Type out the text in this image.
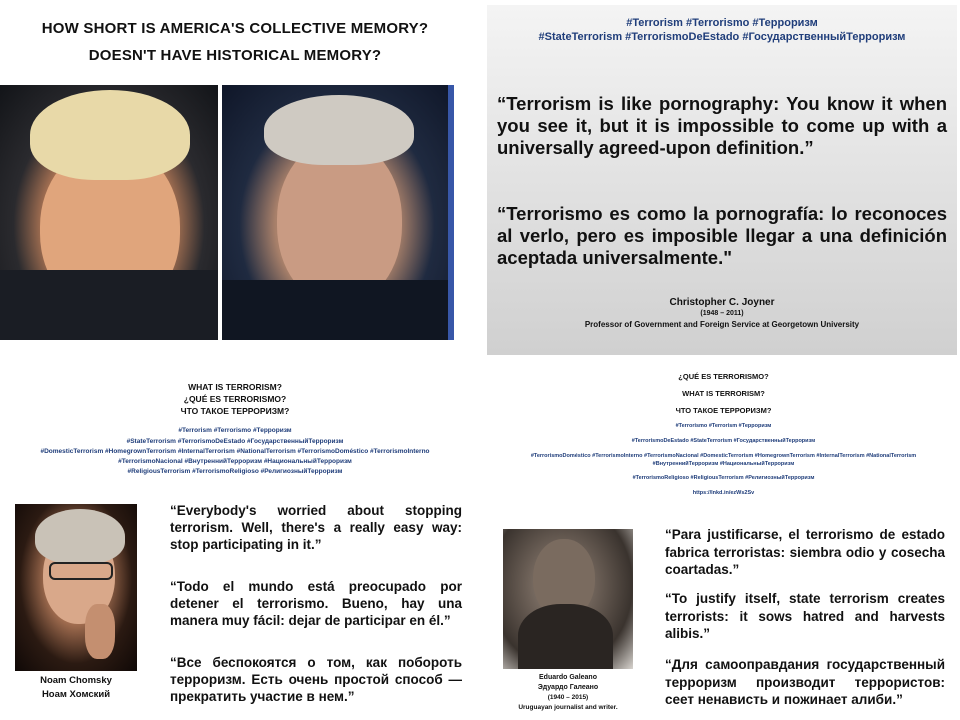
HOW SHORT IS AMERICA'S COLLECTIVE MEMORY?
DOESN'T HAVE HISTORICAL MEMORY?
#Terrorism #Terrorismo #Терроризм
#StateTerrorism #TerrorismoDeEstado #ГосударственныйТерроризм
“Terrorism is like pornography: You know it when you see it, but it is impossible to come up with a universally agreed-upon definition.”
“Terrorismo es como la pornografía: lo reconoces al verlo, pero es imposible llegar a una definición aceptada universalmente."
Christopher C. Joyner
(1948 – 2011)
Professor of Government and Foreign Service at Georgetown University
WHAT IS TERRORISM?
¿QUÉ ES TERRORISMO?
ЧТО ТАКОЕ ТЕРРОРИЗМ?
#Terrorism #Terrorismo #Терроризм
#StateTerrorism #TerrorismoDeEstado #ГосударственныйТерроризм
#DomesticTerrorism #HomegrownTerrorism #InternalTerrorism #NationalTerrorism #TerrorismoDoméstico #TerrorismoInterno
#TerrorismoNacional #ВнутреннийТерроризм #НациональныйТерроризм
#ReligiousTerrorism #TerrorismoReligioso #РелигиозныйТерроризм
Noam Chomsky
Ноам Хомский
“Everybody's worried about stopping terrorism. Well, there's a really easy way: stop participating in it.”
“Todo el mundo está preocupado por detener el terrorismo. Bueno, hay una manera muy fácil: dejar de participar en él.”
“Все беспокоятся о том, как побороть терроризм. Есть очень простой способ — прекратить участие в нем.”
¿QUÉ ES TERRORISMO?
WHAT IS TERRORISM?
ЧТО ТАКОЕ ТЕРРОРИЗМ?
#Terrorismo #Terrorism #Терроризм
#TerrorismoDeEstado #StateTerrorism #ГосударственныйТерроризм
#TerrorismoDoméstico #TerrorismoInterno #TerrorismoNacional #DomesticTerrorism #HomegrownTerrorism #InternalTerrorism #NationalTerrorism
#ВнутреннийТерроризм #НациональныйТерроризм
#TerrorismoReligioso #ReligiousTerrorism #РелигиозныйТерроризм
https://lnkd.in/ezWs2Sv
Eduardo Galeano
Эдуардо Галеано
(1940 – 2015)
Uruguayan journalist and writer.
“Para justificarse, el terrorismo de estado fabrica terroristas: siembra odio y cosecha coartadas.”
“To justify itself, state terrorism creates terrorists: it sows hatred and harvests alibis.”
“Для самооправдания государственный терроризм производит террористов: сеет ненависть и пожинает алиби.”
